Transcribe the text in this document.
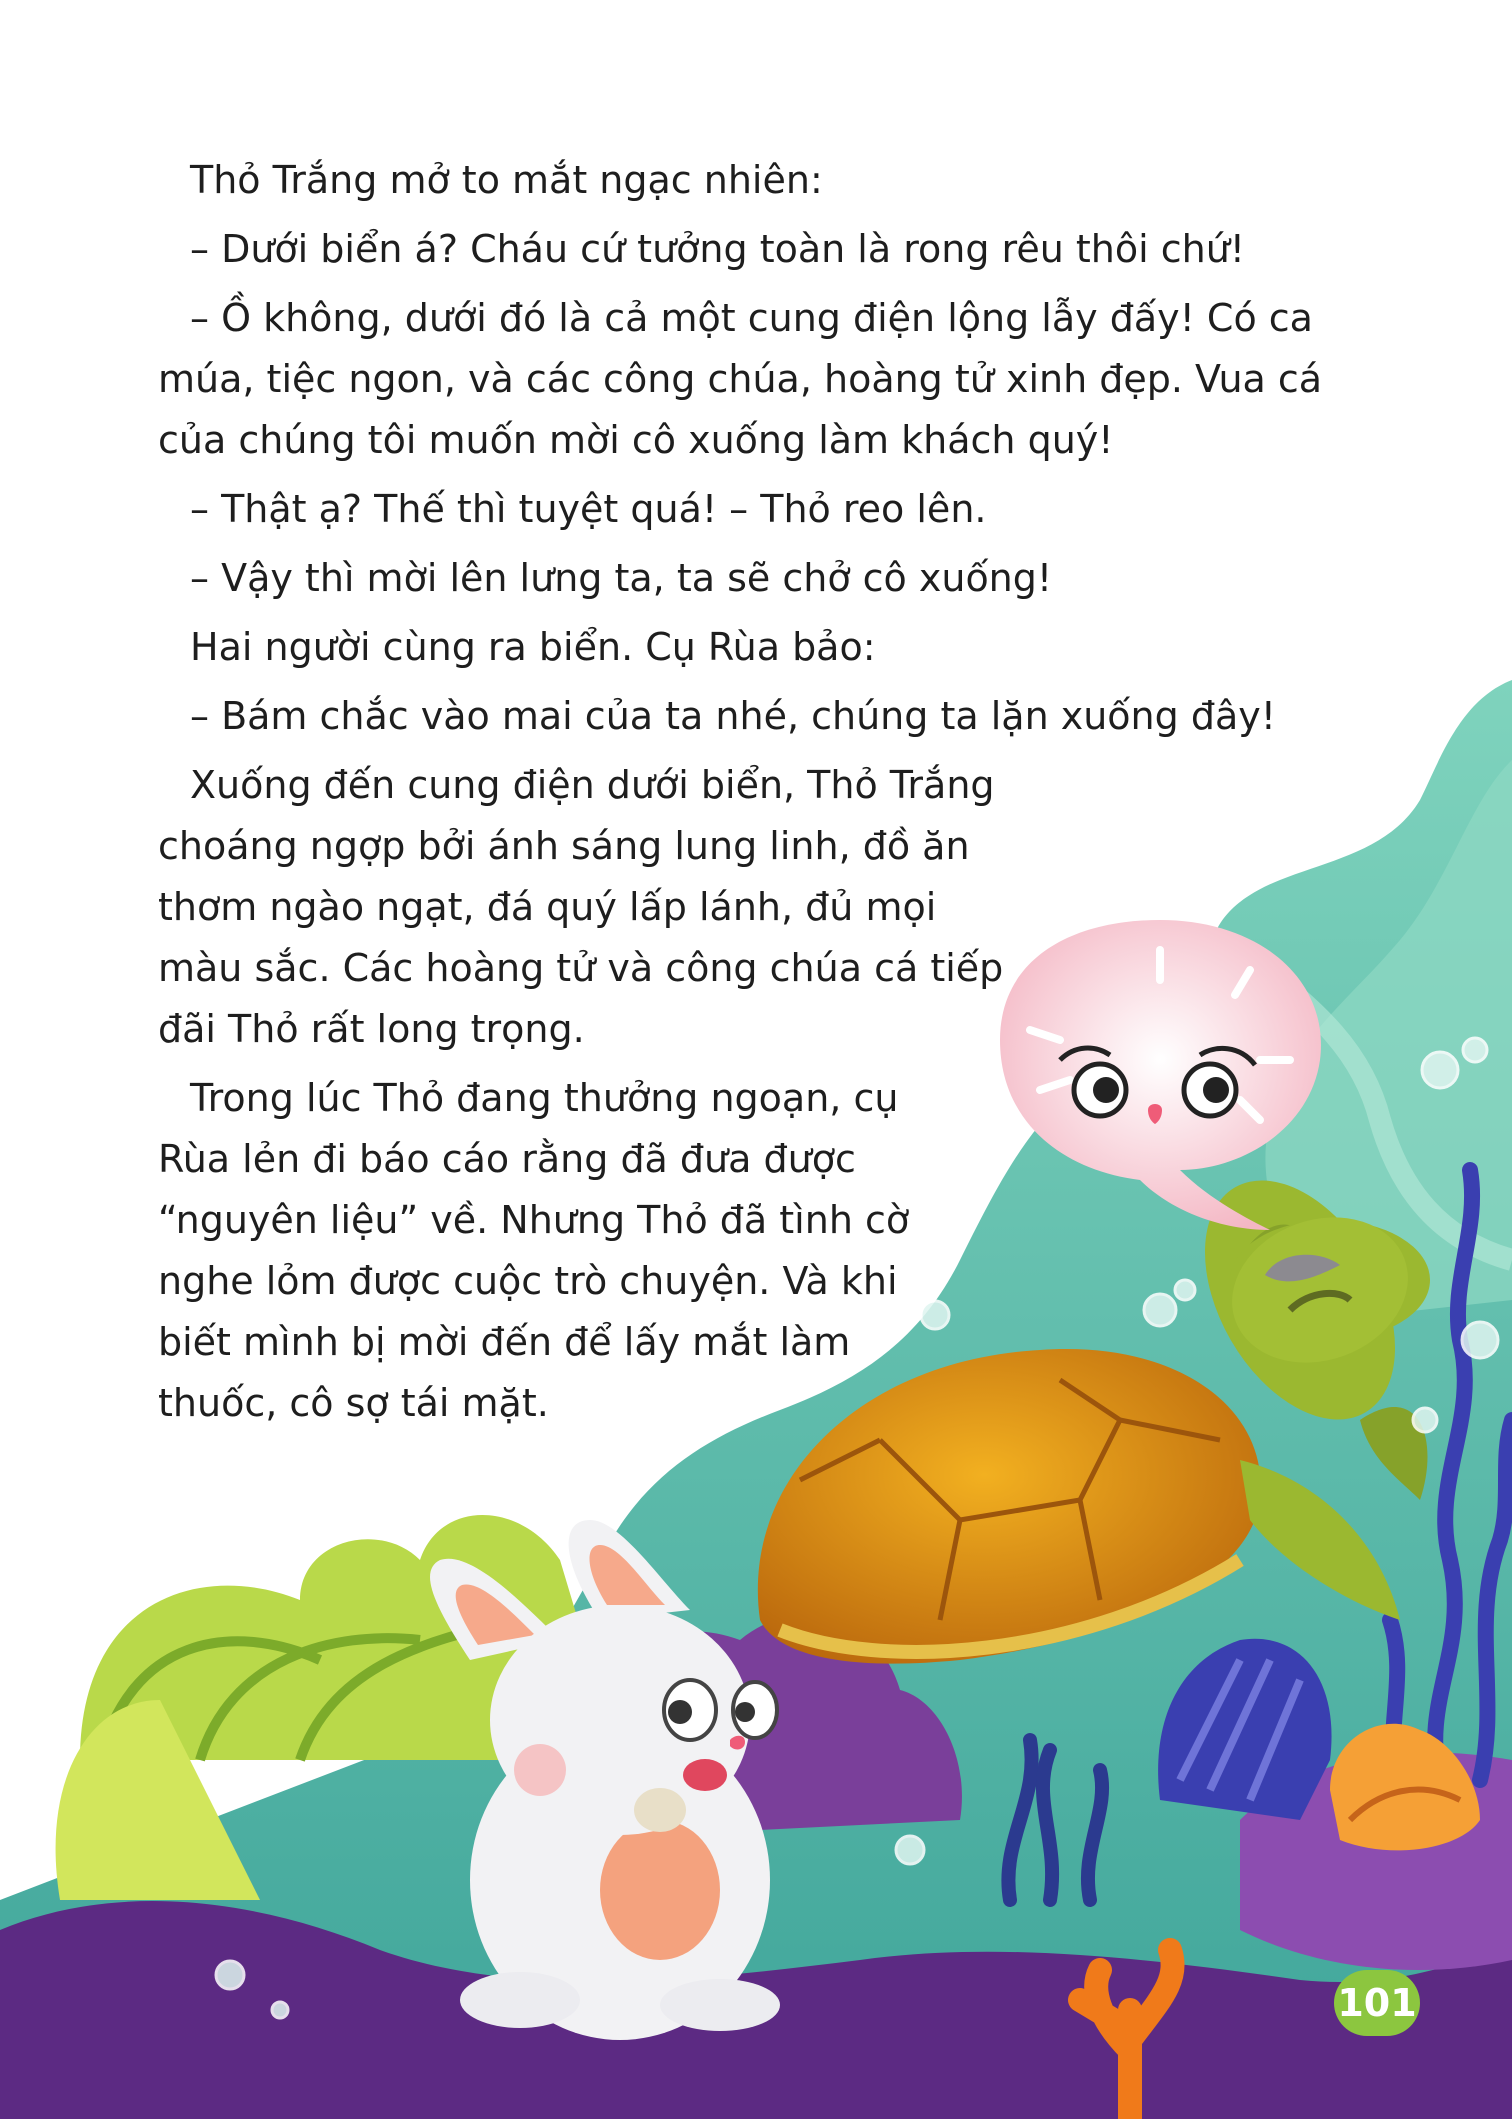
Thỏ Trắng mở to mắt ngạc nhiên:

– Dưới biển á? Cháu cứ tưởng toàn là rong rêu thôi chứ!

– Ồ không, dưới đó là cả một cung điện lộng lẫy đấy! Có ca múa, tiệc ngon, và các công chúa, hoàng tử xinh đẹp. Vua cá của chúng tôi muốn mời cô xuống làm khách quý!

– Thật ạ? Thế thì tuyệt quá! – Thỏ reo lên.

– Vậy thì mời lên lưng ta, ta sẽ chở cô xuống!

Hai người cùng ra biển. Cụ Rùa bảo:

– Bám chắc vào mai của ta nhé, chúng ta lặn xuống đây!

Xuống đến cung điện dưới biển, Thỏ Trắng choáng ngợp bởi ánh sáng lung linh, đồ ăn thơm ngào ngạt, đá quý lấp lánh, đủ mọi màu sắc. Các hoàng tử và công chúa cá tiếp đãi Thỏ rất long trọng.

Trong lúc Thỏ đang thưởng ngoạn, cụ Rùa lẻn đi báo cáo rằng đã đưa được “nguyên liệu” về. Nhưng Thỏ đã tình cờ nghe lỏm được cuộc trò chuyện. Và khi biết mình bị mời đến để lấy mắt làm thuốc, cô sợ tái mặt.

101
